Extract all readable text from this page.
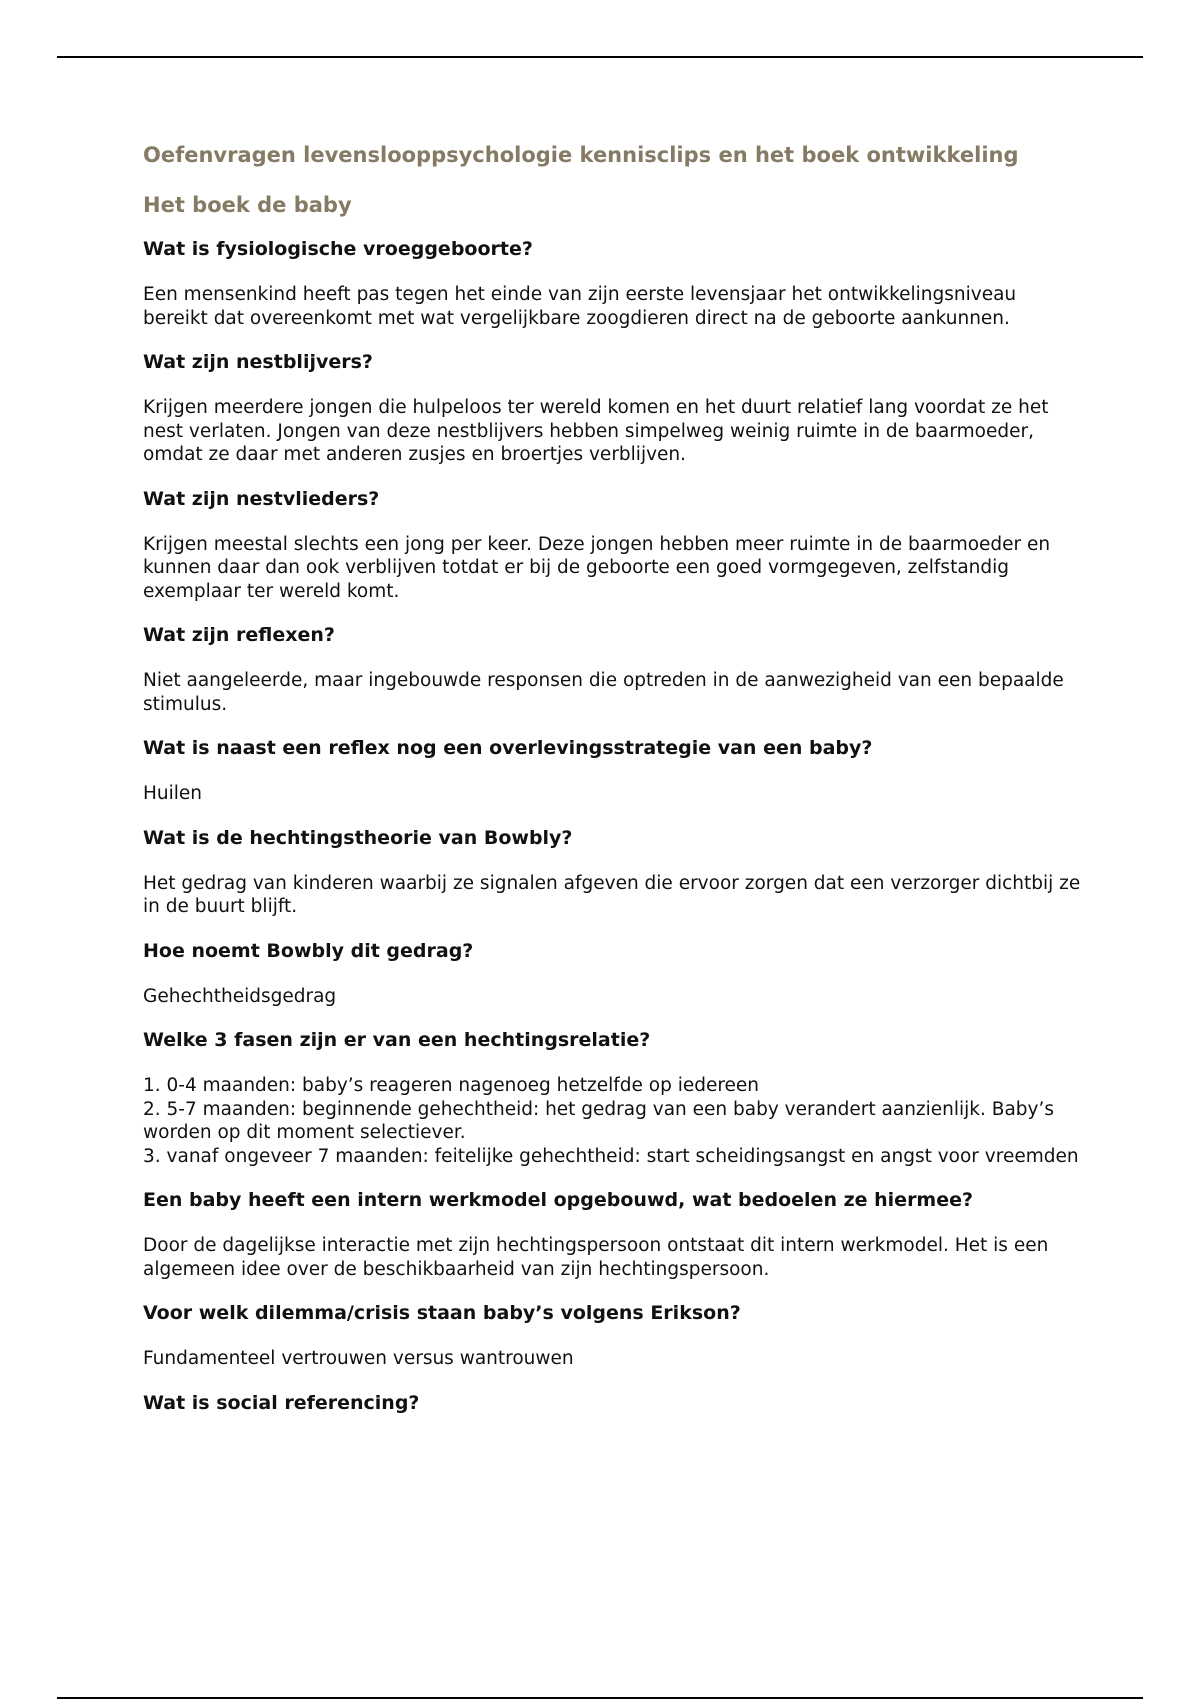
Oefenvragen levenslooppsychologie kennisclips en het boek ontwikkeling
Het boek de baby

Wat is fysiologische vroeggeboorte?

Een mensenkind heeft pas tegen het einde van zijn eerste levensjaar het ontwikkelingsniveau bereikt dat overeenkomt met wat vergelijkbare zoogdieren direct na de geboorte aankunnen.

Wat zijn nestblijvers?

Krijgen meerdere jongen die hulpeloos ter wereld komen en het duurt relatief lang voordat ze het nest verlaten. Jongen van deze nestblijvers hebben simpelweg weinig ruimte in de baarmoeder, omdat ze daar met anderen zusjes en broertjes verblijven.

Wat zijn nestvlieders?

Krijgen meestal slechts een jong per keer. Deze jongen hebben meer ruimte in de baarmoeder en kunnen daar dan ook verblijven totdat er bij de geboorte een goed vormgegeven, zelfstandig exemplaar ter wereld komt.

Wat zijn reflexen?

Niet aangeleerde, maar ingebouwde responsen die optreden in de aanwezigheid van een bepaalde stimulus.

Wat is naast een reflex nog een overlevingsstrategie van een baby?

Huilen

Wat is de hechtingstheorie van Bowbly?

Het gedrag van kinderen waarbij ze signalen afgeven die ervoor zorgen dat een verzorger dichtbij ze in de buurt blijft.

Hoe noemt Bowbly dit gedrag?

Gehechtheidsgedrag

Welke 3 fasen zijn er van een hechtingsrelatie?

1. 0-4 maanden: baby’s reageren nagenoeg hetzelfde op iedereen
2. 5-7 maanden: beginnende gehechtheid: het gedrag van een baby verandert aanzienlijk. Baby’s worden op dit moment selectiever.
3. vanaf ongeveer 7 maanden: feitelijke gehechtheid: start scheidingsangst en angst voor vreemden

Een baby heeft een intern werkmodel opgebouwd, wat bedoelen ze hiermee?

Door de dagelijkse interactie met zijn hechtingspersoon ontstaat dit intern werkmodel. Het is een algemeen idee over de beschikbaarheid van zijn hechtingspersoon.

Voor welk dilemma/crisis staan baby’s volgens Erikson?

Fundamenteel vertrouwen versus wantrouwen

Wat is social referencing?
